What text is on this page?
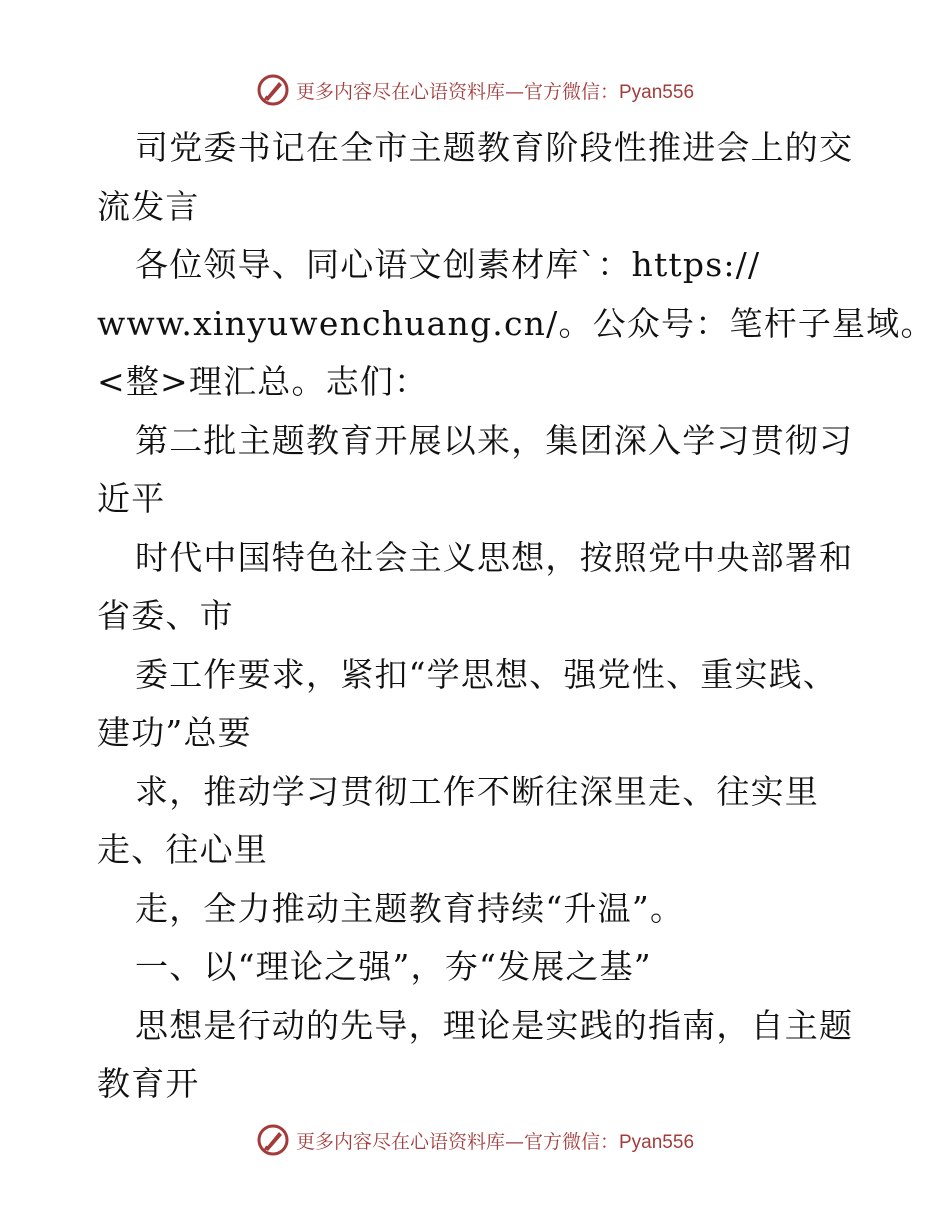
更多内容尽在心语资料库—官方微信：Pyan556
司党委书记在全市主题教育阶段性推进会上的交
流发言
各位领导、同心语文创素材库`：https://
www.xinyuwenchuang.cn/。公众号：笔杆子星域。
<整>理汇总。志们：
第二批主题教育开展以来，集团深入学习贯彻习
近平
时代中国特色社会主义思想，按照党中央部署和
省委、市
委工作要求，紧扣“学思想、强党性、重实践、
建功”总要
求，推动学习贯彻工作不断往深里走、往实里
走、往心里
走，全力推动主题教育持续“升温”。
一、以“理论之强”，夯“发展之基”
思想是行动的先导，理论是实践的指南，自主题
教育开
更多内容尽在心语资料库—官方微信：Pyan556
